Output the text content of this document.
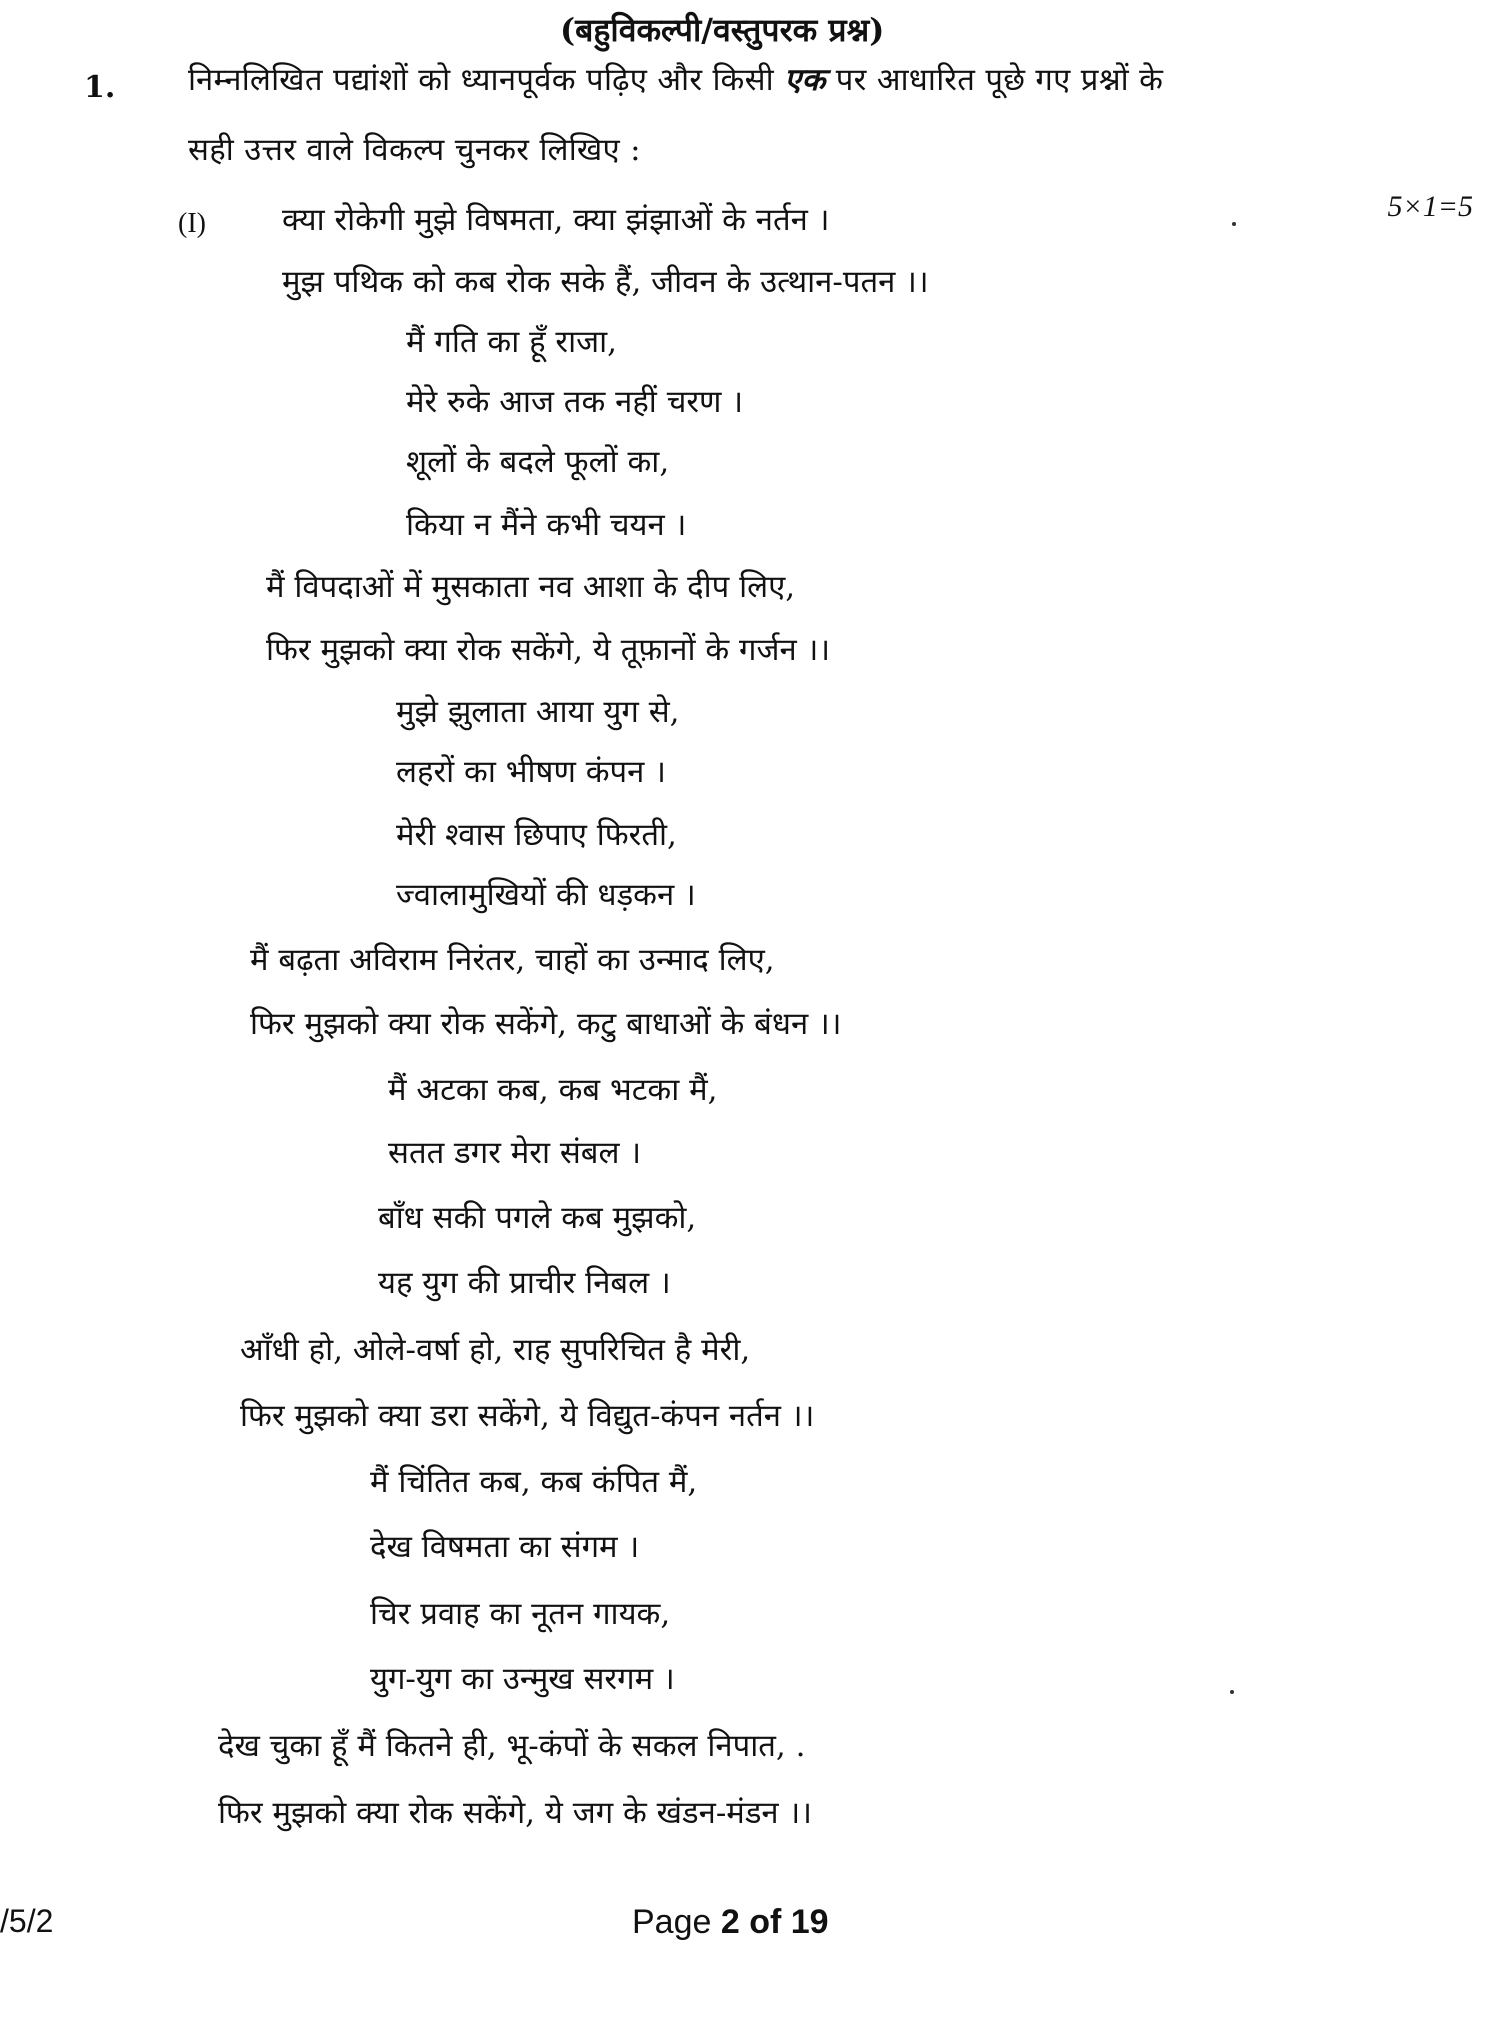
(बहुविकल्पी/वस्तुपरक प्रश्न)
1. निम्नलिखित पद्यांशों को ध्यानपूर्वक पढ़िए और किसी एक पर आधारित पूछे गए प्रश्नों के
सही उत्तर वाले विकल्प चुनकर लिखिए :
5×1=5
(I) क्या रोकेगी मुझे विषमता, क्या झंझाओं के नर्तन ।
मुझ पथिक को कब रोक सके हैं, जीवन के उत्थान-पतन ।।
मैं गति का हूँ राजा,
मेरे रुके आज तक नहीं चरण ।
शूलों के बदले फूलों का,
किया न मैंने कभी चयन ।
मैं विपदाओं में मुसकाता नव आशा के दीप लिए,
फिर मुझको क्या रोक सकेंगे, ये तूफ़ानों के गर्जन ।।
मुझे झुलाता आया युग से,
लहरों का भीषण कंपन ।
मेरी श्वास छिपाए फिरती,
ज्वालामुखियों की धड़कन ।
मैं बढ़ता अविराम निरंतर, चाहों का उन्माद लिए,
फिर मुझको क्या रोक सकेंगे, कटु बाधाओं के बंधन ।।
मैं अटका कब, कब भटका मैं,
सतत डगर मेरा संबल ।
बाँध सकी पगले कब मुझको,
यह युग की प्राचीर निबल ।
आँधी हो, ओले-वर्षा हो, राह सुपरिचित है मेरी,
फिर मुझको क्या डरा सकेंगे, ये विद्युत-कंपन नर्तन ।।
मैं चिंतित कब, कब कंपित मैं,
देख विषमता का संगम ।
चिर प्रवाह का नूतन गायक,
युग-युग का उन्मुख सरगम ।
देख चुका हूँ मैं कितने ही, भू-कंपों के सकल निपात, .
फिर मुझको क्या रोक सकेंगे, ये जग के खंडन-मंडन ।।
/5/2	Page 2 of 19
